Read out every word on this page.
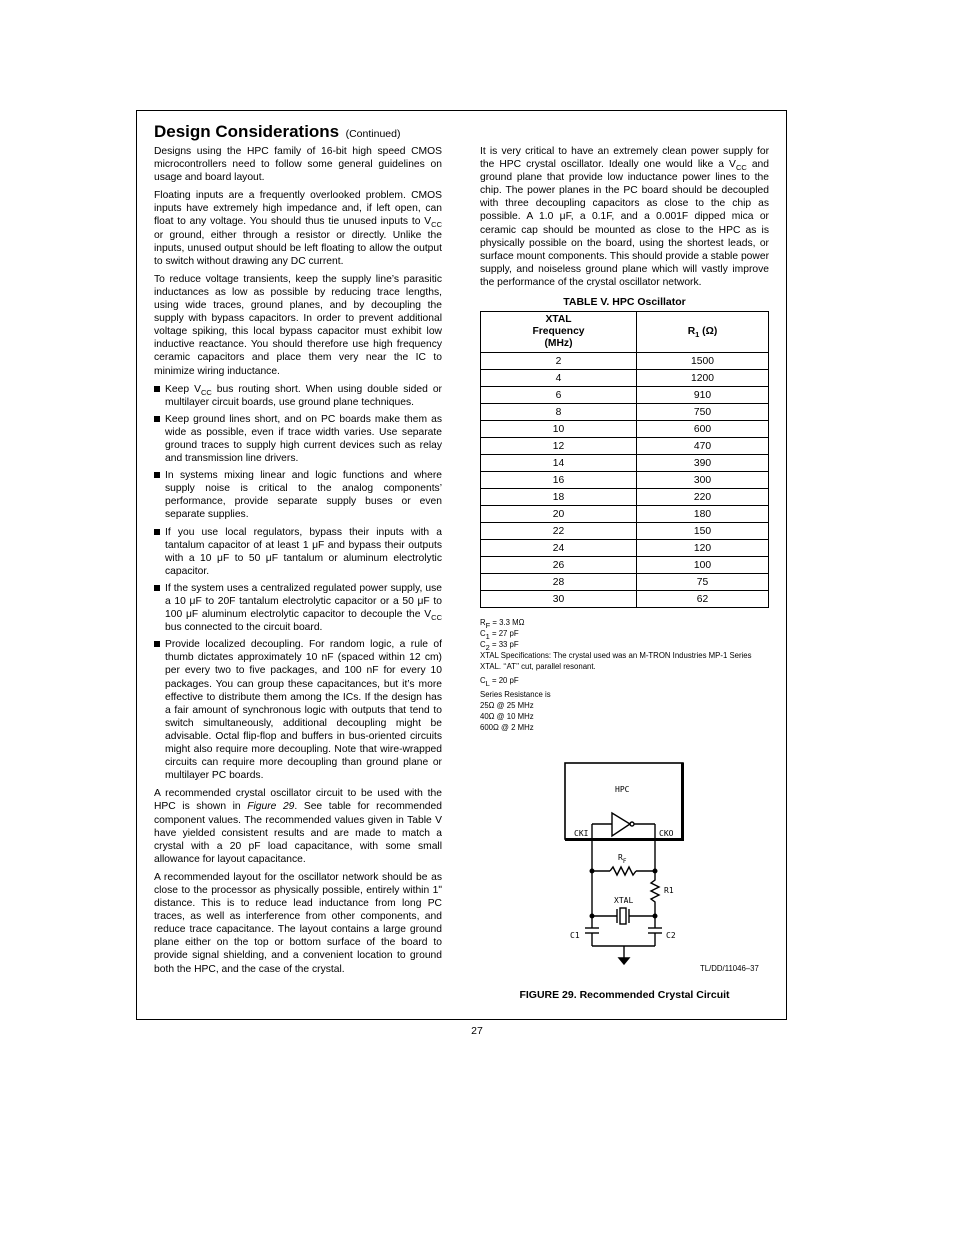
Design Considerations (Continued)

Designs using the HPC family of 16-bit high speed CMOS microcontrollers need to follow some general guidelines on usage and board layout.

Floating inputs are a frequently overlooked problem. CMOS inputs have extremely high impedance and, if left open, can float to any voltage. You should thus tie unused inputs to $V_{CC}$ or ground, either through a resistor or directly. Unlike the inputs, unused output should be left floating to allow the output to switch without drawing any DC current.

To reduce voltage transients, keep the supply line’s parasitic inductances as low as possible by reducing trace lengths, using wide traces, ground planes, and by decoupling the supply with bypass capacitors. In order to prevent additional voltage spiking, this local bypass capacitor must exhibit low inductive reactance. You should therefore use high frequency ceramic capacitors and place them very near the IC to minimize wiring inductance.

Keep $V_{CC}$ bus routing short. When using double sided or multilayer circuit boards, use ground plane techniques.
Keep ground lines short, and on PC boards make them as wide as possible, even if trace width varies. Use separate ground traces to supply high current devices such as relay and transmission line drivers.
In systems mixing linear and logic functions and where supply noise is critical to the analog components’ performance, provide separate supply buses or even separate supplies.
If you use local regulators, bypass their inputs with a tantalum capacitor of at least 1 μF and bypass their outputs with a 10 μF to 50 μF tantalum or aluminum electrolytic capacitor.
If the system uses a centralized regulated power supply, use a 10 μF to 20F tantalum electrolytic capacitor or a 50 μF to 100 μF aluminum electrolytic capacitor to decouple the $V_{CC}$ bus connected to the circuit board.
Provide localized decoupling. For random logic, a rule of thumb dictates approximately 10 nF (spaced within 12 cm) per every two to five packages, and 100 nF for every 10 packages. You can group these capacitances, but it’s more effective to distribute them among the ICs. If the design has a fair amount of synchronous logic with outputs that tend to switch simultaneously, additional decoupling might be advisable. Octal flip-flop and buffers in bus-oriented circuits might also require more decoupling. Note that wire-wrapped circuits can require more decoupling than ground plane or multilayer PC boards.

A recommended crystal oscillator circuit to be used with the HPC is shown in Figure 29. See table for recommended component values. The recommended values given in Table V have yielded consistent results and are made to match a crystal with a 20 pF load capacitance, with some small allowance for layout capacitance.

A recommended layout for the oscillator network should be as close to the processor as physically possible, entirely within 1ʺ distance. This is to reduce lead inductance from long PC traces, as well as interference from other components, and reduce trace capacitance. The layout contains a large ground plane either on the top or bottom surface of the board to provide signal shielding, and a convenient location to ground both the HPC, and the case of the crystal.

It is very critical to have an extremely clean power supply for the HPC crystal oscillator. Ideally one would like a $V_{CC}$ and ground plane that provide low inductance power lines to the chip. The power planes in the PC board should be decoupled with three decoupling capacitors as close to the chip as possible. A 1.0 μF, a 0.1F, and a 0.001F dipped mica or ceramic cap should be mounted as close to the HPC as is physically possible on the board, using the shortest leads, or surface mount components. This should provide a stable power supply, and noiseless ground plane which will vastly improve the performance of the crystal oscillator network.

TABLE V. HPC Oscillator
XTAL
Frequency
(MHz)	$R_1$ (Ω)
2	1500
4	1200
6	910
8	750
10	600
12	470
14	390
16	300
18	220
20	180
22	150
24	120
26	100
28	75
30	62
RF = 3.3 MΩ
C1 = 27 pF
C2 = 33 pF
XTAL Specifications: The crystal used was an M-TRON Industries MP-1 Series XTAL. ‘‘AT’’ cut, parallel resonant.
CL = 20 pF
Series Resistance is
25Ω @ 25 MHz
40Ω @ 10 MHz
600Ω @ 2 MHz
HPC
CKI	CKO
$R_F$
R1
XTAL
C1	C2
TL/DD/11046–37
FIGURE 29. Recommended Crystal Circuit
27
